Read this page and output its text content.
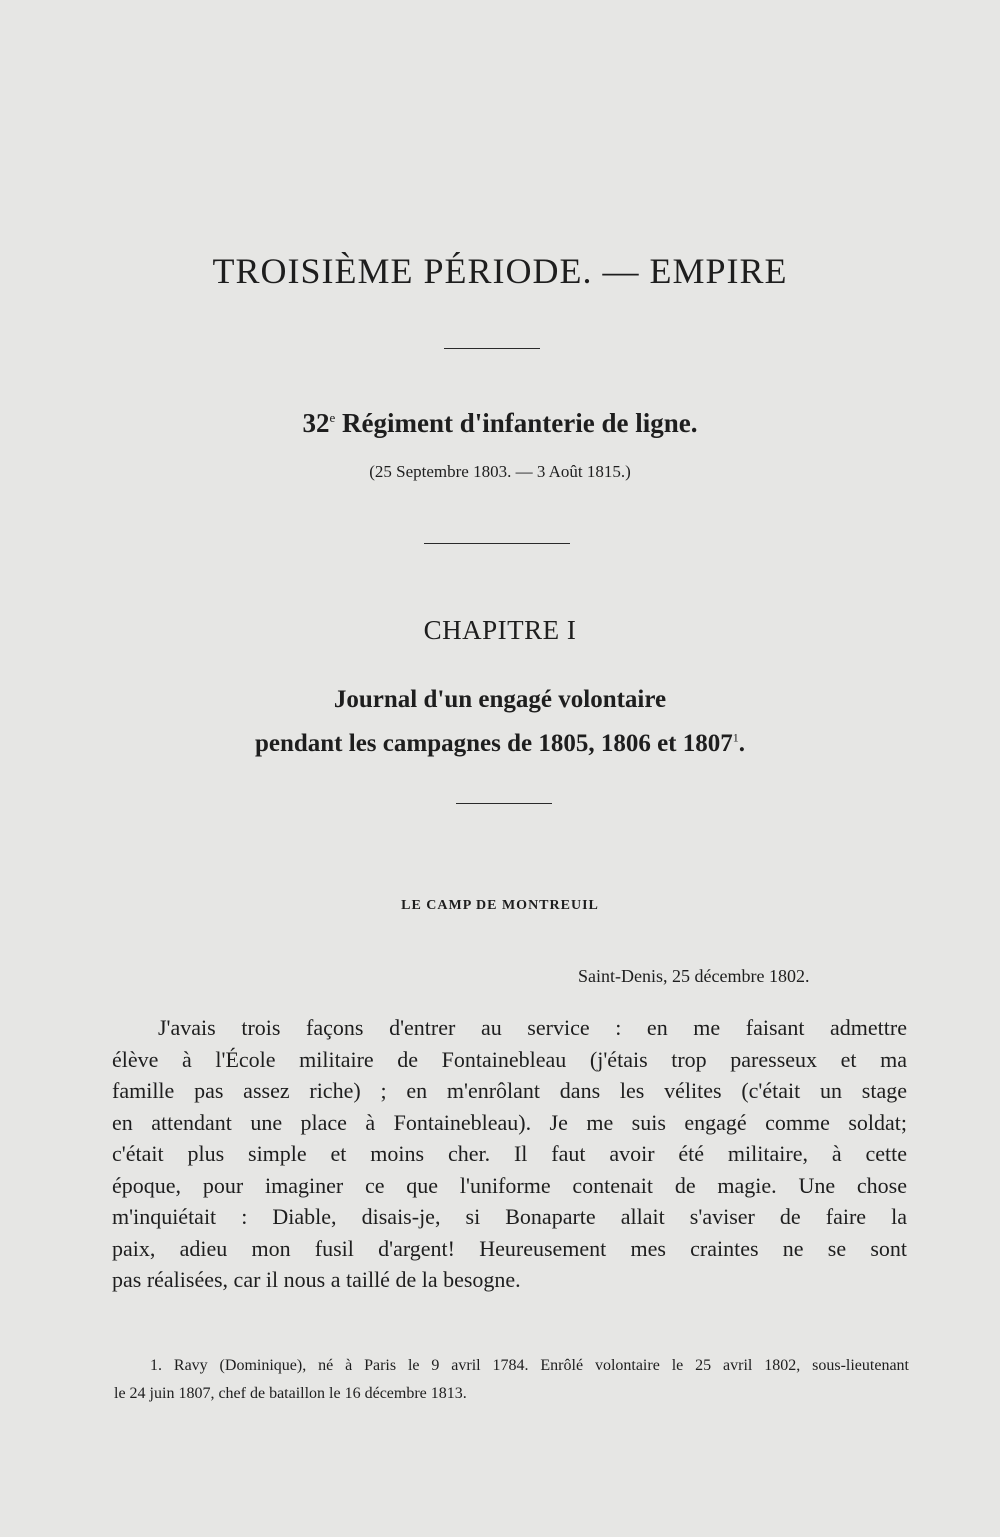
TROISIÈME PÉRIODE. — EMPIRE
32e Régiment d'infanterie de ligne.
(25 Septembre 1803. — 3 Août 1815.)
CHAPITRE I
Journal d'un engagé volontaire
pendant les campagnes de 1805, 1806 et 1807$^1$.
LE CAMP DE MONTREUIL
Saint-Denis, 25 décembre 1802.
J'avais trois façons d'entrer au service : en me faisant admettre
élève à l'École militaire de Fontainebleau (j'étais trop paresseux et ma
famille pas assez riche) ; en m'enrôlant dans les vélites (c'était un stage
en attendant une place à Fontainebleau). Je me suis engagé comme soldat;
c'était plus simple et moins cher. Il faut avoir été militaire, à cette
époque, pour imaginer ce que l'uniforme contenait de magie. Une chose
m'inquiétait : Diable, disais-je, si Bonaparte allait s'aviser de faire la
paix, adieu mon fusil d'argent! Heureusement mes craintes ne se sont
pas réalisées, car il nous a taillé de la besogne.
1. Ravy (Dominique), né à Paris le 9 avril 1784. Enrôlé volontaire le 25 avril 1802, sous-lieutenant
le 24 juin 1807, chef de bataillon le 16 décembre 1813.
